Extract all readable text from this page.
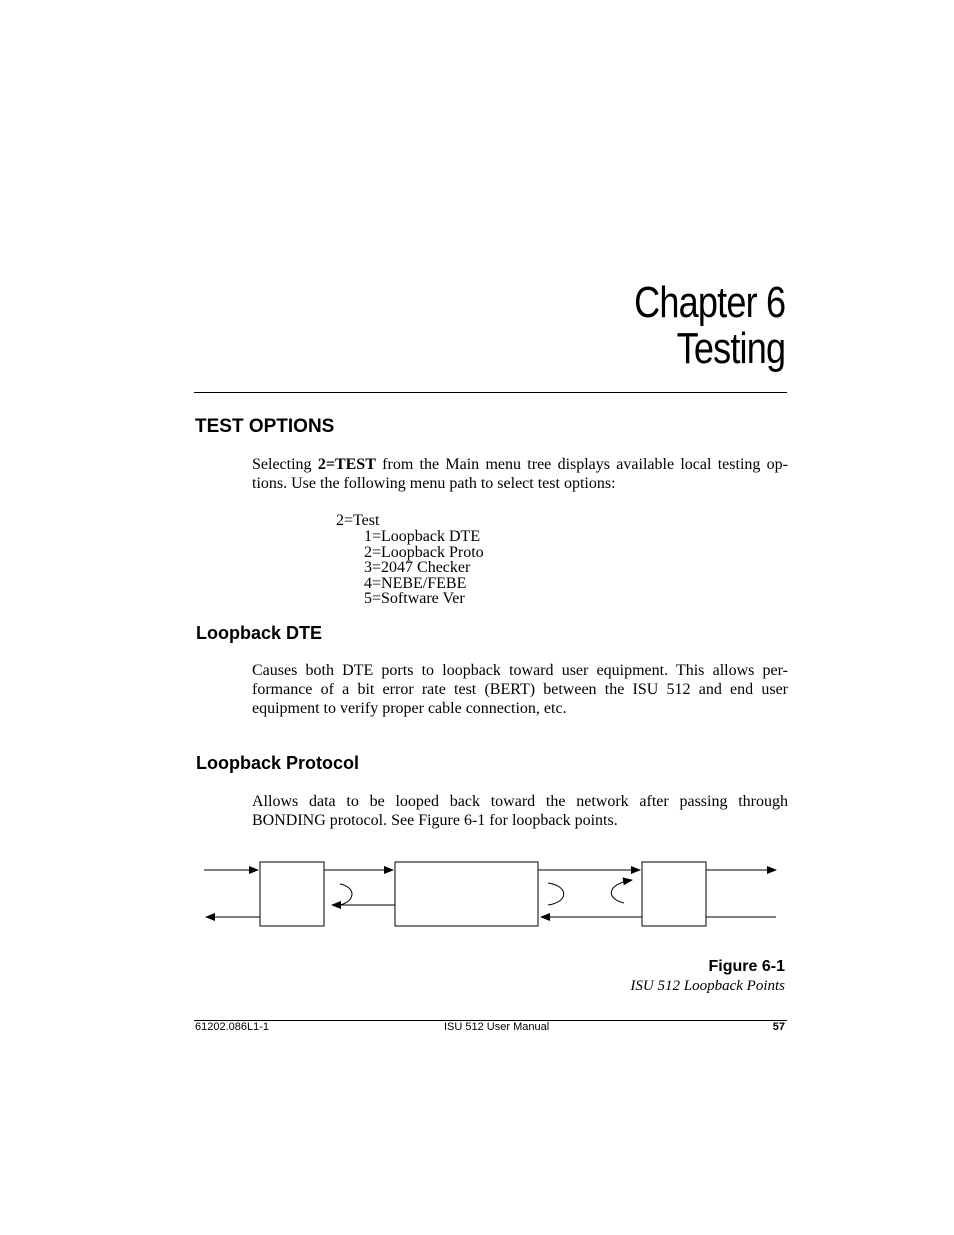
Chapter 6
Testing
TEST OPTIONS
Selecting 2=TEST from the Main menu tree displays available local testing op-tions. Use the following menu path to select test options:
2=Test
1=Loopback DTE
2=Loopback Proto
3=2047 Checker
4=NEBE/FEBE
5=Software Ver
Loopback DTE
Causes both DTE ports to loopback toward user equipment. This allows per-formance of a bit error rate test (BERT) between the ISU 512 and end user equipment to verify proper cable connection, etc.
Loopback Protocol
Allows data to be looped back toward the network after passing through BONDING protocol. See Figure 6-1 for loopback points.
Figure 6-1
ISU 512 Loopback Points
61202.086L1-1	ISU 512 User Manual	57
